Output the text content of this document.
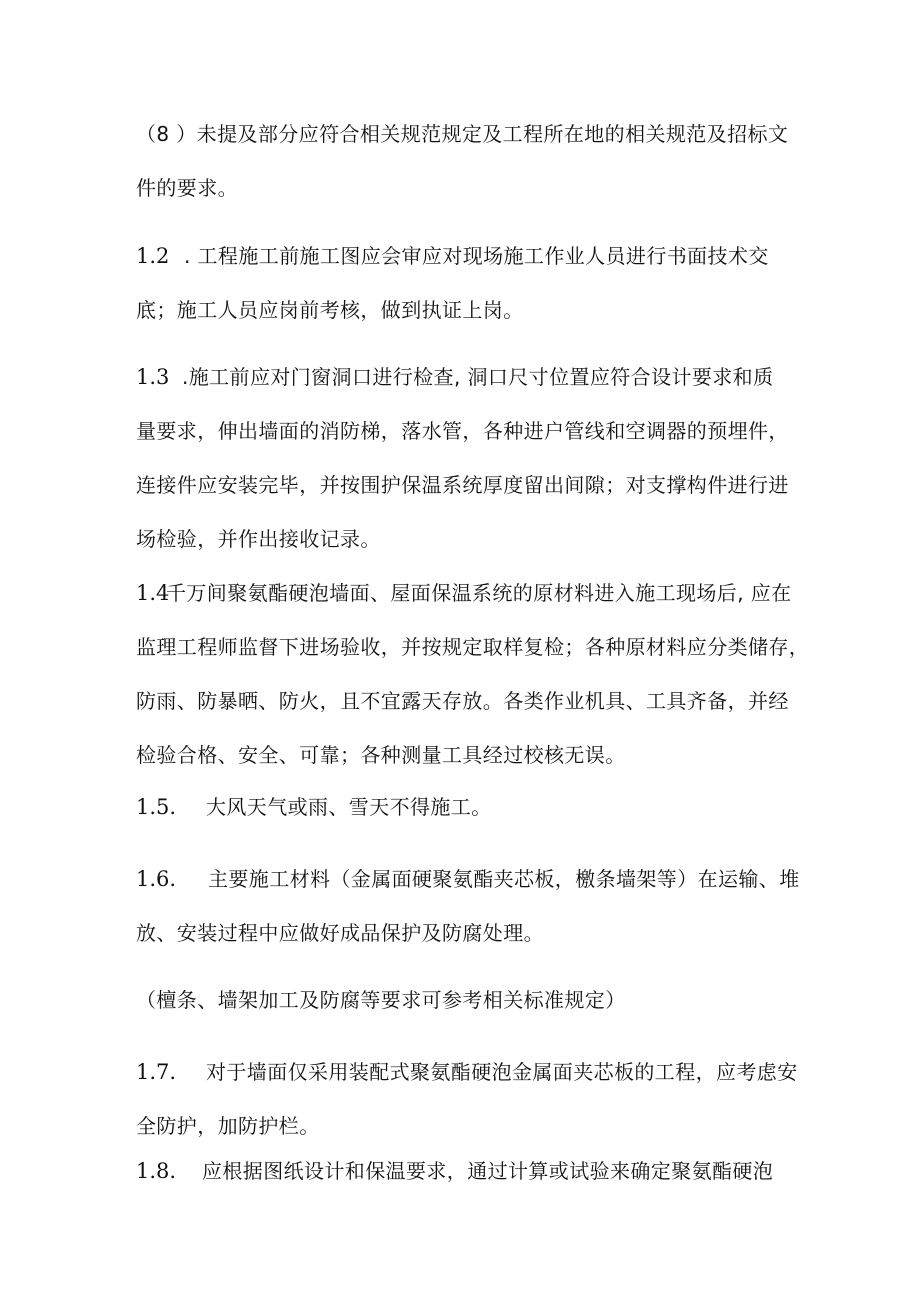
（8 ）未提及部分应符合相关规范规定及工程所在地的相关规范及招标文
件的要求。
1.2 . 工程施工前施工图应会审应对现场施工作业人员进行书面技术交
底；施工人员应岗前考核，做到执证上岗。
1.3 .施工前应对门窗洞口进行检查, 洞口尺寸位置应符合设计要求和质
量要求，伸出墙面的消防梯，落水管，各种进户管线和空调器的预埋件，
连接件应安装完毕，并按围护保温系统厚度留出间隙；对支撑构件进行进
场检验，并作出接收记录。
1.4千万间聚氨酯硬泡墙面、屋面保温系统的原材料进入施工现场后, 应在
监理工程师监督下进场验收，并按规定取样复检；各种原材料应分类储存，
防雨、防暴晒、防火，且不宜露天存放。各类作业机具、工具齐备，并经
检验合格、安全、可靠；各种测量工具经过校核无误。
1.5. 大风天气或雨、雪天不得施工。
1.6. 主要施工材料（金属面硬聚氨酯夹芯板，檄条墙架等）在运输、堆
放、安装过程中应做好成品保护及防腐处理。
（檀条、墙架加工及防腐等要求可参考相关标准规定）
1.7. 对于墙面仅采用装配式聚氨酯硬泡金属面夹芯板的工程，应考虑安
全防护，加防护栏。
1.8. 应根据图纸设计和保温要求，通过计算或试验来确定聚氨酯硬泡
